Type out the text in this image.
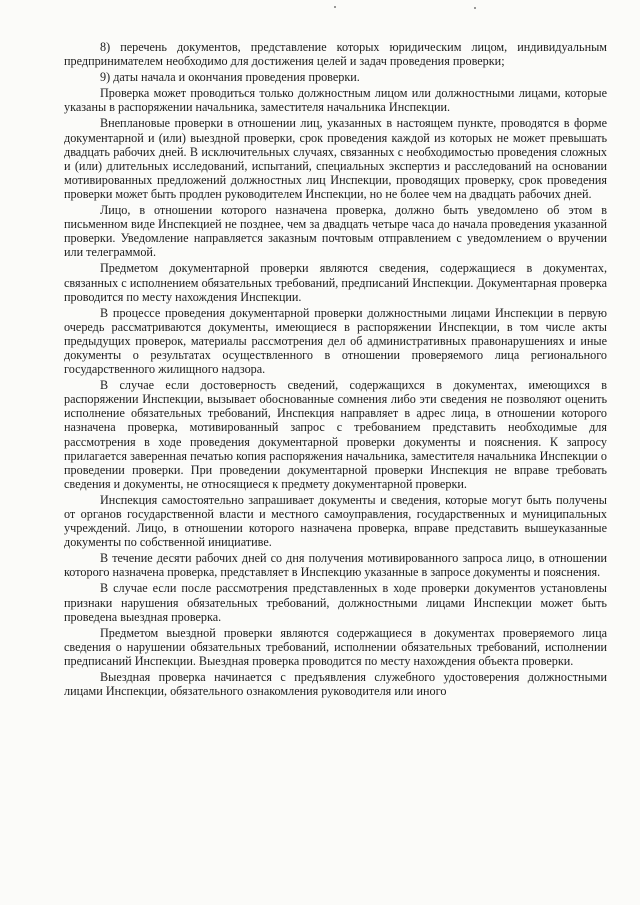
8) перечень документов, представление которых юридическим лицом, индивидуальным предпринимателем необходимо для достижения целей и задач проведения проверки;

9) даты начала и окончания проведения проверки.

Проверка может проводиться только должностным лицом или должностными лицами, которые указаны в распоряжении начальника, заместителя начальника Инспекции.

Внеплановые проверки в отношении лиц, указанных в настоящем пункте, проводятся в форме документарной и (или) выездной проверки, срок проведения каждой из которых не может превышать двадцать рабочих дней. В исключительных случаях, связанных с необходимостью проведения сложных и (или) длительных исследований, испытаний, специальных экспертиз и расследований на основании мотивированных предложений должностных лиц Инспекции, проводящих проверку, срок проведения проверки может быть продлен руководителем Инспекции, но не более чем на двадцать рабочих дней.

Лицо, в отношении которого назначена проверка, должно быть уведомлено об этом в письменном виде Инспекцией не позднее, чем за двадцать четыре часа до начала проведения указанной проверки. Уведомление направляется заказным почтовым отправлением с уведомлением о вручении или телеграммой.

Предметом документарной проверки являются сведения, содержащиеся в документах, связанных с исполнением обязательных требований, предписаний Инспекции. Документарная проверка проводится по месту нахождения Инспекции.

В процессе проведения документарной проверки должностными лицами Инспекции в первую очередь рассматриваются документы, имеющиеся в распоряжении Инспекции, в том числе акты предыдущих проверок, материалы рассмотрения дел об административных правонарушениях и иные документы о результатах осуществленного в отношении проверяемого лица регионального государственного жилищного надзора.

В случае если достоверность сведений, содержащихся в документах, имеющихся в распоряжении Инспекции, вызывает обоснованные сомнения либо эти сведения не позволяют оценить исполнение обязательных требований, Инспекция направляет в адрес лица, в отношении которого назначена проверка, мотивированный запрос с требованием представить необходимые для рассмотрения в ходе проведения документарной проверки документы и пояснения. К запросу прилагается заверенная печатью копия распоряжения начальника, заместителя начальника Инспекции о проведении проверки. При проведении документарной проверки Инспекция не вправе требовать сведения и документы, не относящиеся к предмету документарной проверки.

Инспекция самостоятельно запрашивает документы и сведения, которые могут быть получены от органов государственной власти и местного самоуправления, государственных и муниципальных учреждений. Лицо, в отношении которого назначена проверка, вправе представить вышеуказанные документы по собственной инициативе.

В течение десяти рабочих дней со дня получения мотивированного запроса лицо, в отношении которого назначена проверка, представляет в Инспекцию указанные в запросе документы и пояснения.

В случае если после рассмотрения представленных в ходе проверки документов установлены признаки нарушения обязательных требований, должностными лицами Инспекции может быть проведена выездная проверка.

Предметом выездной проверки являются содержащиеся в документах проверяемого лица сведения о нарушении обязательных требований, исполнении обязательных требований, исполнении предписаний Инспекции. Выездная проверка проводится по месту нахождения объекта проверки.

Выездная проверка начинается с предъявления служебного удостоверения должностными лицами Инспекции, обязательного ознакомления руководителя или иного
